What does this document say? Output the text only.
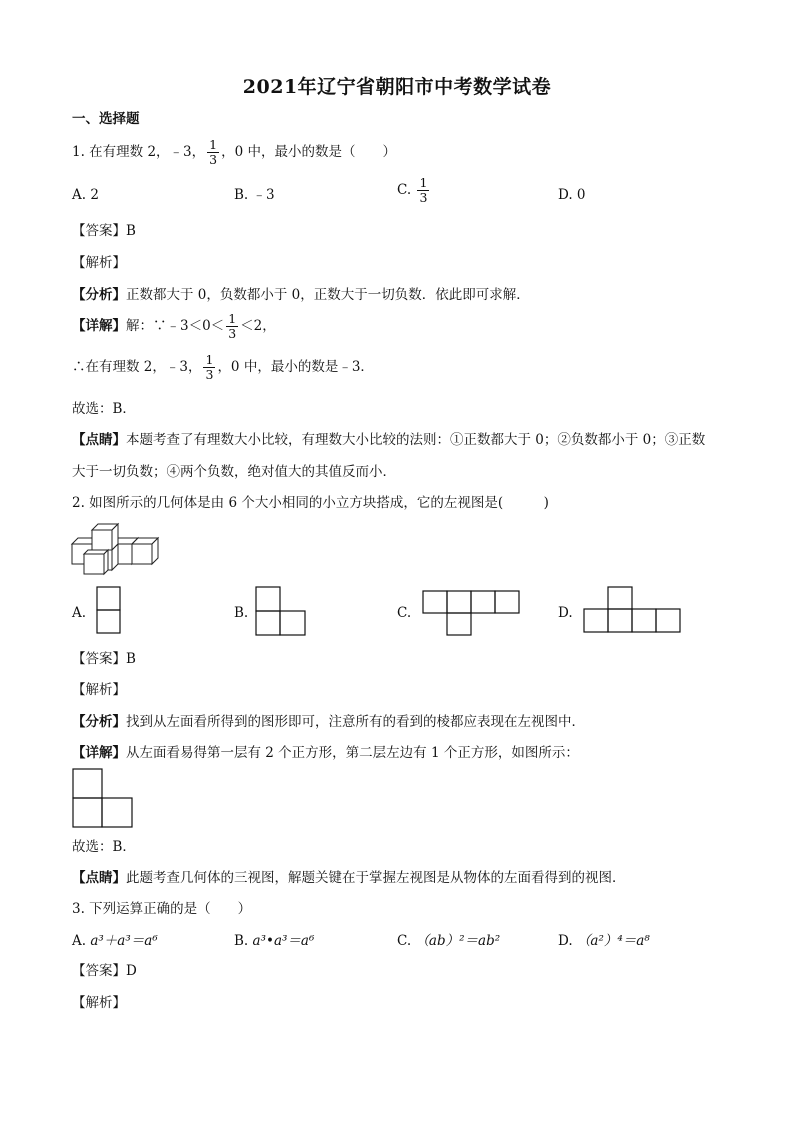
2021年辽宁省朝阳市中考数学试卷
一、选择题
1. 在有理数 2，﹣3， $\frac{1}{3}$ ，0 中，最小的数是（　　）
A. 2	B. ﹣3	C. $\frac{1}{3}$	D. 0
【答案】B
【解析】
【分析】正数都大于 0，负数都小于 0，正数大于一切负数．依此即可求解．
【详解】解：∵﹣3＜0＜ $\frac{1}{3} <2$，
∴在有理数 2，﹣3， $\frac{1}{3}$ ，0 中，最小的数是﹣3．
故选：B．
【点睛】本题考查了有理数大小比较，有理数大小比较的法则：①正数都大于 0；②负数都小于 0；③正数
大于一切负数；④两个负数，绝对值大的其值反而小．
2. 如图所示的几何体是由 6 个大小相同的小立方块搭成，它的左视图是(　　　)
A.	B.	C.	D.
【答案】B
【解析】
【分析】找到从左面看所得到的图形即可，注意所有的看到的棱都应表现在左视图中．
【详解】从左面看易得第一层有 2 个正方形，第二层左边有 1 个正方形，如图所示：
故选：B．
【点睛】此题考查几何体的三视图，解题关键在于掌握左视图是从物体的左面看得到的视图．
3. 下列运算正确的是（　　）
A. a³＋a³＝a⁶	B. a³•a³＝a⁶	C. （ab）²＝ab²	D. （a²）⁴＝a⁸
【答案】D
【解析】
